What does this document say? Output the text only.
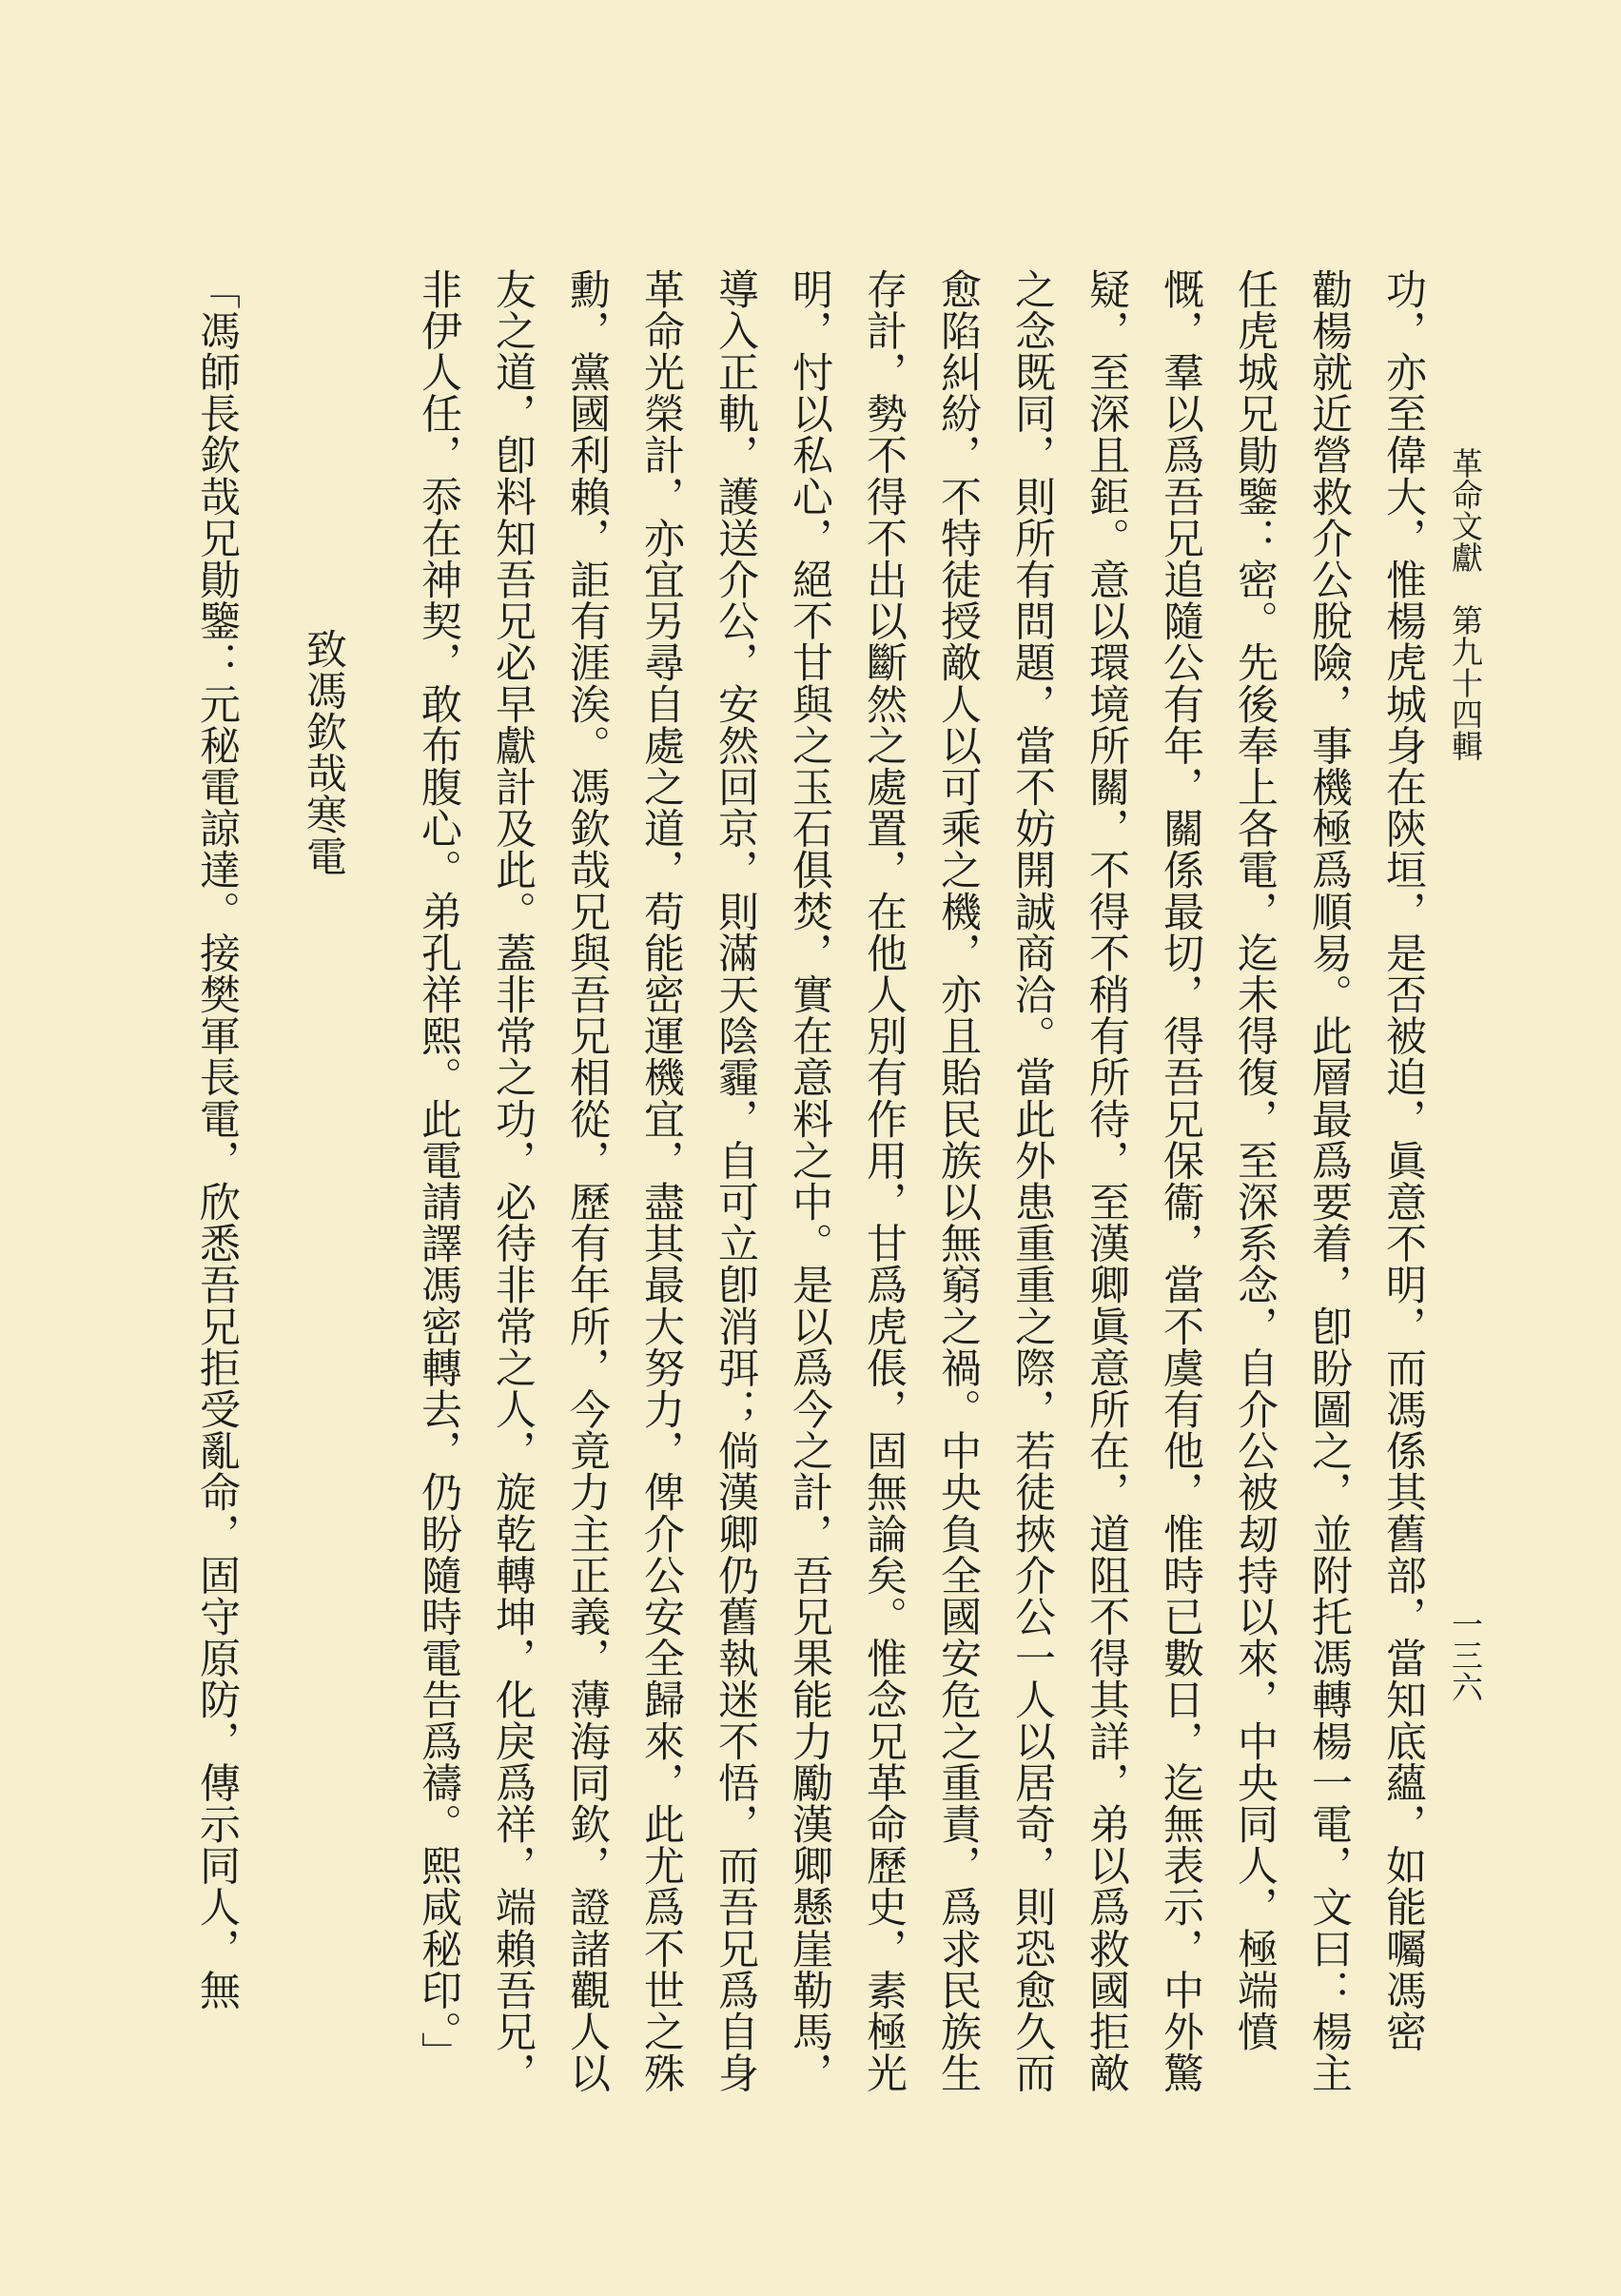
革命文獻　第九十四輯
一三六
功，亦至偉大，惟楊虎城身在陝垣，是否被迫，眞意不明，而馮係其舊部，當知底蘊，如能囑馮密
勸楊就近營救介公脫險，事機極爲順易。此層最爲要着，卽盼圖之，並附托馮轉楊一電，文曰：楊主
任虎城兄勛鑒：密。先後奉上各電，迄未得復，至深系念，自介公被刼持以來，中央同人，極端憤
慨，羣以爲吾兄追隨公有年，關係最切，得吾兄保衞，當不虞有他，惟時已數日，迄無表示，中外驚
疑，至深且鉅。意以環境所關，不得不稍有所待，至漢卿眞意所在，道阻不得其詳，弟以爲救國拒敵
之念既同，則所有問題，當不妨開誠商洽。當此外患重重之際，若徒挾介公一人以居奇，則恐愈久而
愈陷糾紛，不特徒授敵人以可乘之機，亦且貽民族以無窮之禍。中央負全國安危之重責，爲求民族生
存計，勢不得不出以斷然之處置，在他人別有作用，甘爲虎倀，固無論矣。惟念兄革命歷史，素極光
明，忖以私心，絕不甘與之玉石俱焚，實在意料之中。是以爲今之計，吾兄果能力勵漢卿懸崖勒馬，
導入正軌，護送介公，安然回京，則滿天陰霾，自可立卽消弭；倘漢卿仍舊執迷不悟，而吾兄爲自身
革命光榮計，亦宜另尋自處之道，苟能密運機宜，盡其最大努力，俾介公安全歸來，此尤爲不世之殊
勳，黨國利賴，詎有涯涘。馮欽哉兄與吾兄相從，歷有年所，今竟力主正義，薄海同欽，證諸觀人以
友之道，卽料知吾兄必早獻計及此。蓋非常之功，必待非常之人，旋乾轉坤，化戾爲祥，端賴吾兄，
非伊人任，忝在神契，敢布腹心。弟孔祥熙。此電請譯馮密轉去，仍盼隨時電告爲禱。熙咸秘印。」
致馮欽哉寒電
「馮師長欽哉兄勛鑒：元秘電諒達。接樊軍長電，欣悉吾兄拒受亂命，固守原防，傳示同人，無
